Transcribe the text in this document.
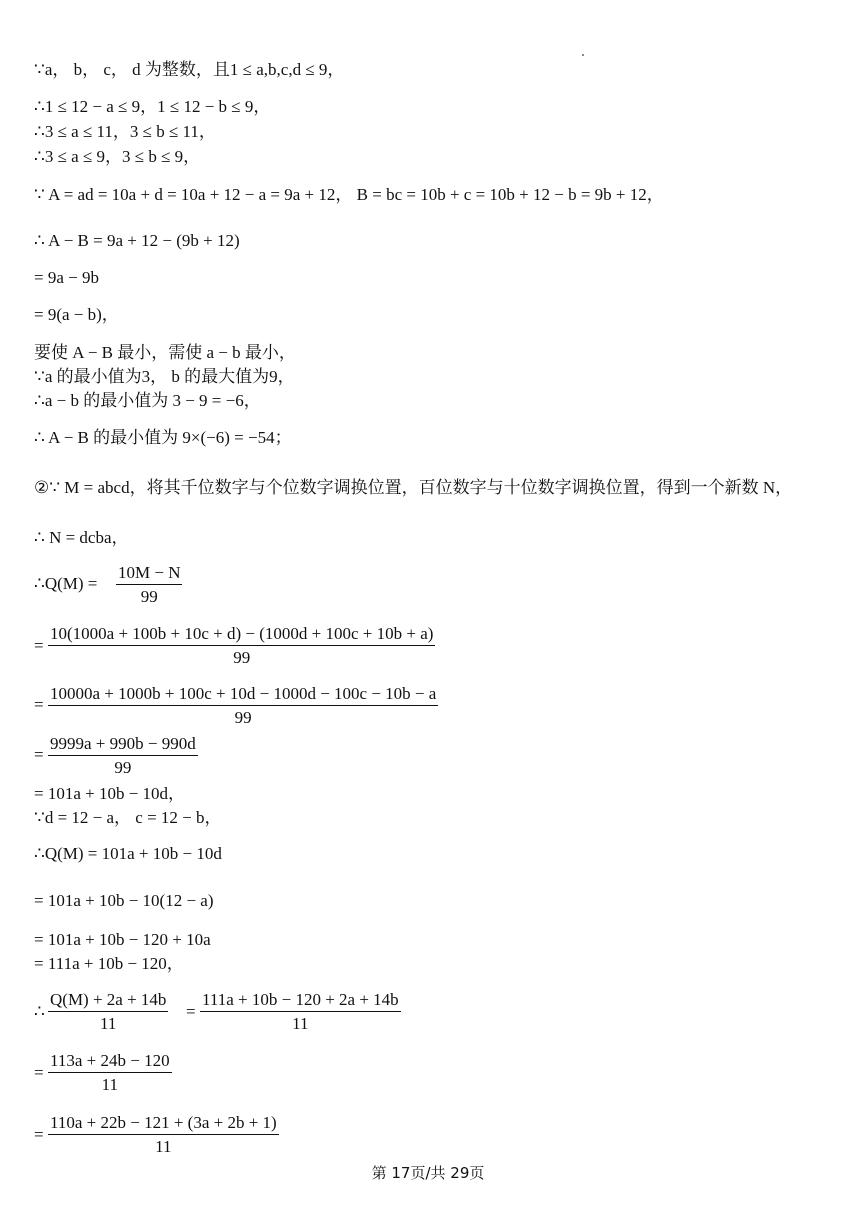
∵a， b， c， d 为整数，且1 ≤ a,b,c,d ≤ 9，
∴1 ≤ 12 − a ≤ 9，1 ≤ 12 − b ≤ 9，
∴3 ≤ a ≤ 11，3 ≤ b ≤ 11，
∴3 ≤ a ≤ 9，3 ≤ b ≤ 9，
∵ A = ad = 10a + d = 10a + 12 − a = 9a + 12， B = bc = 10b + c = 10b + 12 − b = 9b + 12，
∴ A − B = 9a + 12 − (9b + 12)
= 9a − 9b
= 9(a − b)，
要使 A − B 最小，需使 a − b 最小，
∵a 的最小值为3， b 的最大值为9，
∴a − b 的最小值为 3 − 9 = −6，
∴ A − B 的最小值为 9×(−6) = −54；
②∵ M = abcd，将其千位数字与个位数字调换位置，百位数字与十位数字调换位置，得到一个新数 N，
∴ N = dcba，
∴Q(M) =
10M − N
99
=
10(1000a + 100b + 10c + d) − (1000d + 100c + 10b + a)
99
=
10000a + 1000b + 100c + 10d − 1000d − 100c − 10b − a
99
=
9999a + 990b − 990d
99
= 101a + 10b − 10d，
∵d = 12 − a， c = 12 − b，
∴Q(M) = 101a + 10b − 10d
= 101a + 10b − 10(12 − a)
= 101a + 10b − 120 + 10a
= 111a + 10b − 120，
∴
Q(M) + 2a + 14b
11
=
111a + 10b − 120 + 2a + 14b
11
=
113a + 24b − 120
11
=
110a + 22b − 121 + (3a + 2b + 1)
11
第 17页/共 29页
